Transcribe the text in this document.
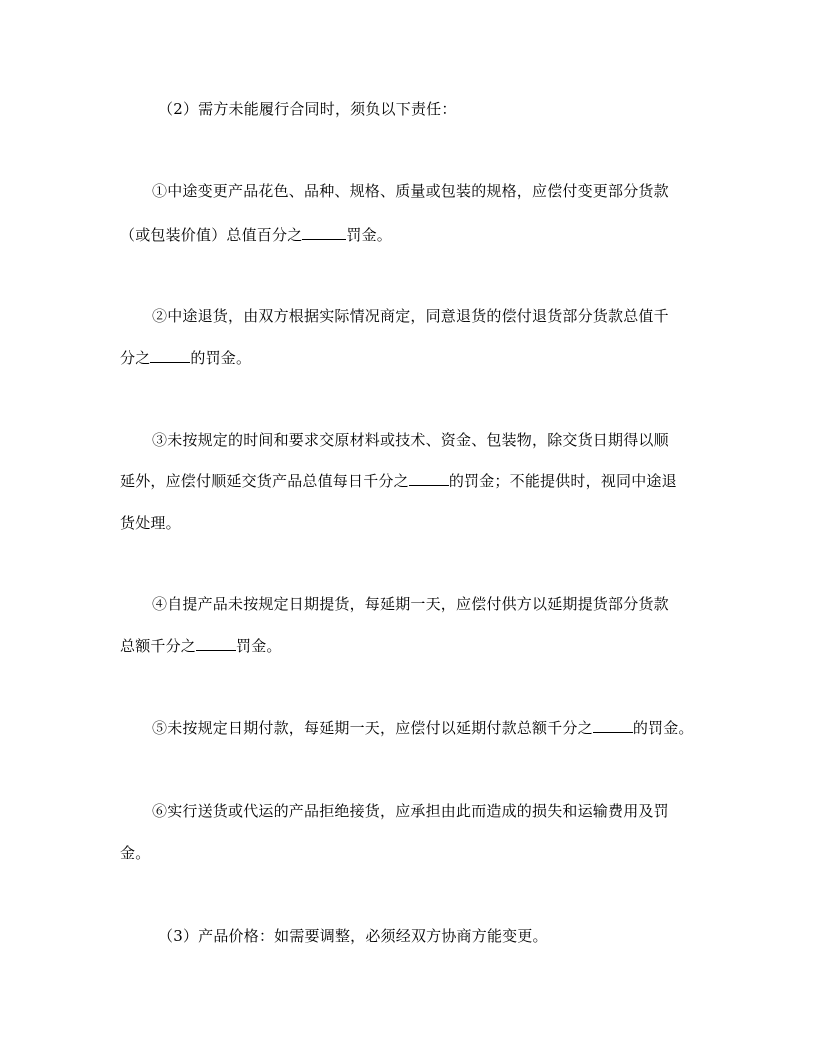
（2）需方未能履行合同时，须负以下责任：
①中途变更产品花色、品种、规格、质量或包装的规格，应偿付变更部分货款
（或包装价值）总值百分之	罚金。
②中途退货，由双方根据实际情况商定，同意退货的偿付退货部分货款总值千
分之	的罚金。
③未按规定的时间和要求交原材料或技术、资金、包装物，除交货日期得以顺
延外，应偿付顺延交货产品总值每日千分之	的罚金；不能提供时，视同中途退
货处理。
④自提产品未按规定日期提货，每延期一天，应偿付供方以延期提货部分货款
总额千分之	罚金。
⑤未按规定日期付款，每延期一天，应偿付以延期付款总额千分之	的罚金。
⑥实行送货或代运的产品拒绝接货，应承担由此而造成的损失和运输费用及罚
金。
（3）产品价格：如需要调整，必须经双方协商方能变更。
